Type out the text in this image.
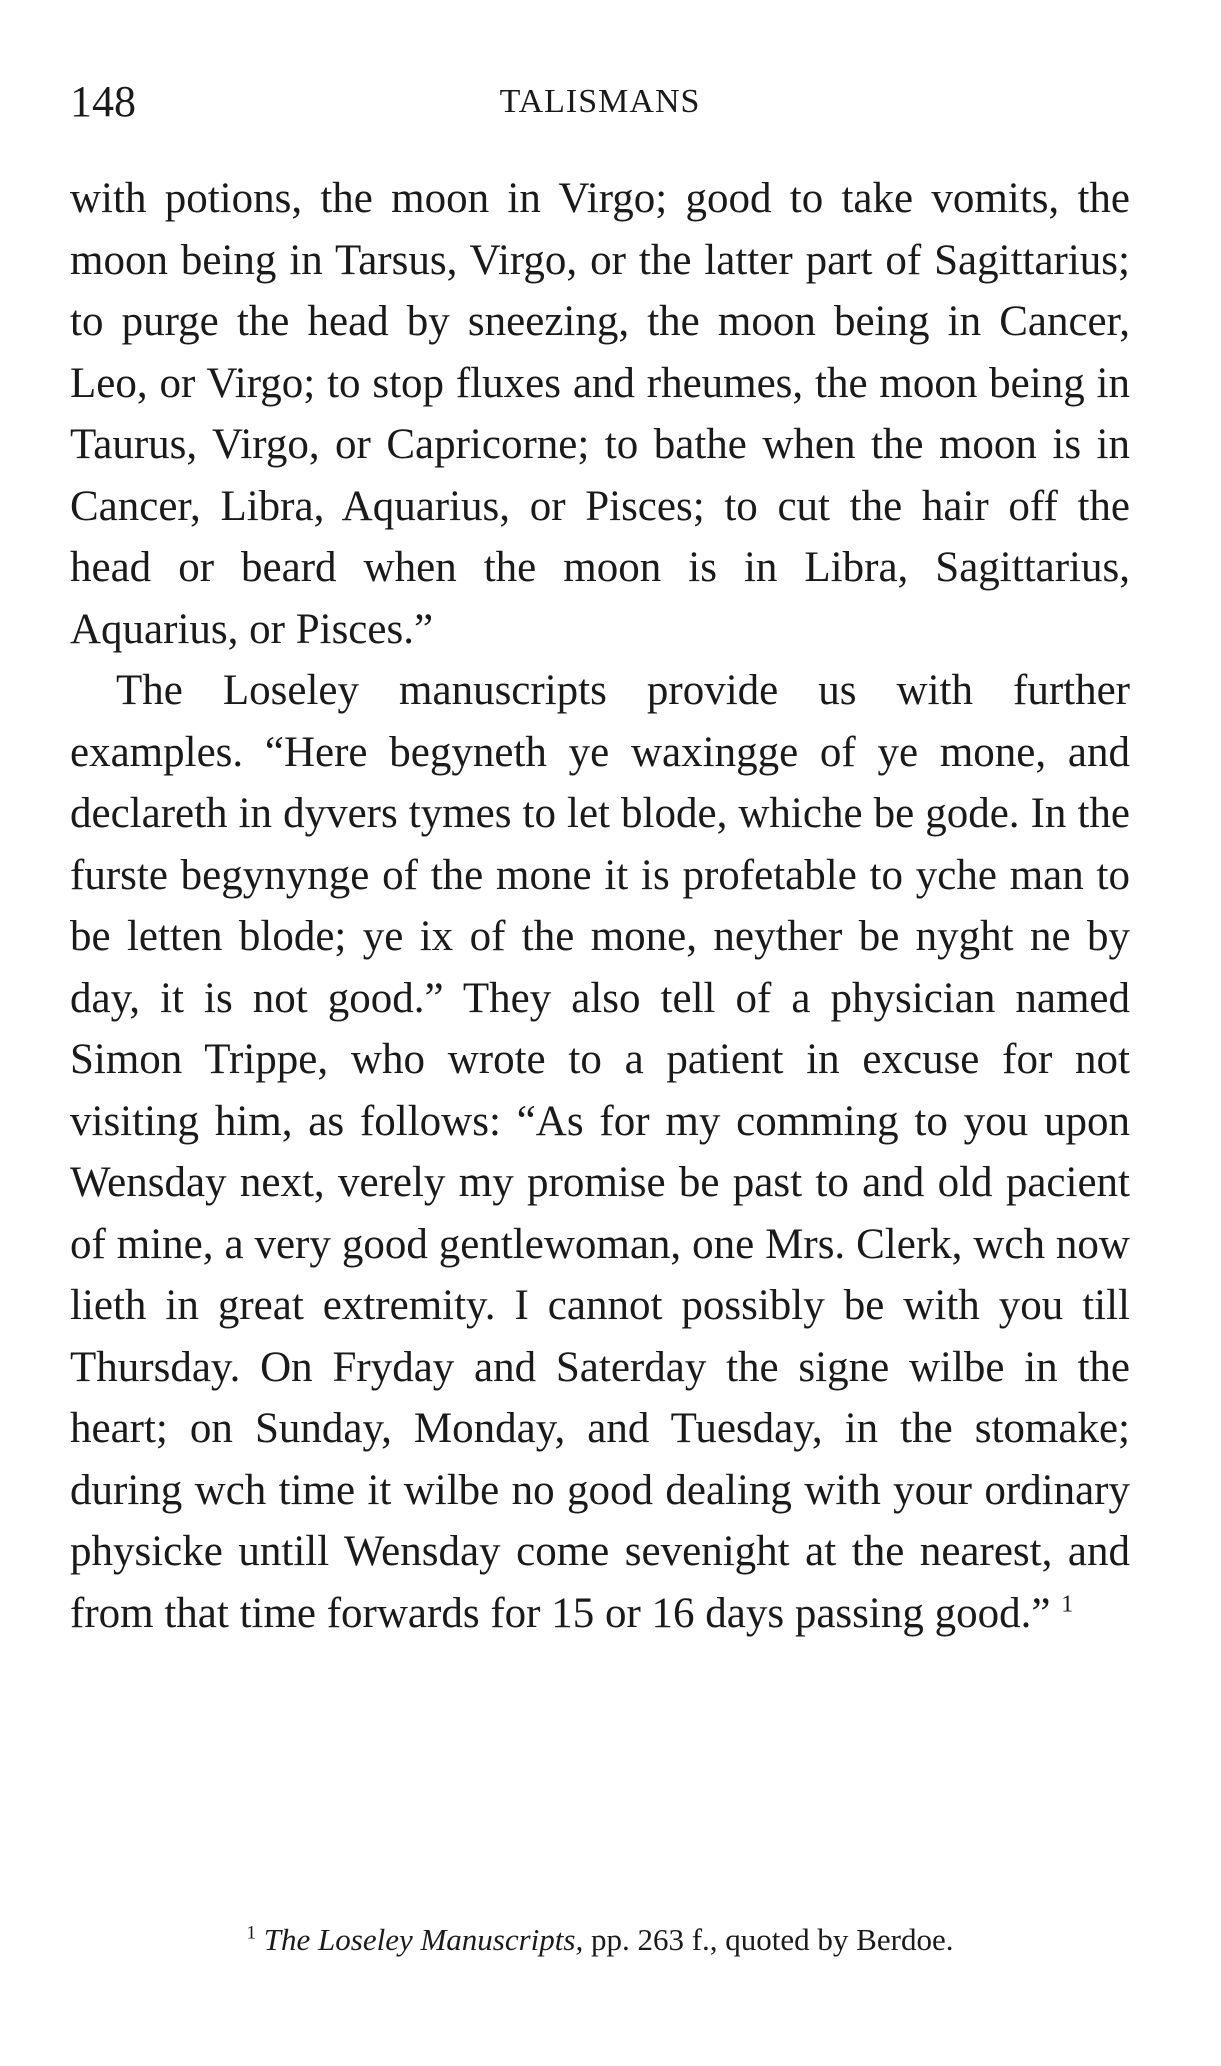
148	TALISMANS

with potions, the moon in Virgo; good to take vomits, the moon being in Tarsus, Virgo, or the latter part of Sagittarius; to purge the head by sneezing, the moon being in Cancer, Leo, or Virgo; to stop fluxes and rheumes, the moon being in Taurus, Virgo, or Capricorne; to bathe when the moon is in Cancer, Libra, Aquarius, or Pisces; to cut the hair off the head or beard when the moon is in Libra, Sagittarius, Aquarius, or Pisces.”

The Loseley manuscripts provide us with further examples. “Here begyneth ye waxingge of ye mone, and declareth in dyvers tymes to let blode, whiche be gode. In the furste begynynge of the mone it is profetable to yche man to be letten blode; ye ix of the mone, neyther be nyght ne by day, it is not good.” They also tell of a physician named Simon Trippe, who wrote to a patient in excuse for not visiting him, as follows: “As for my comming to you upon Wensday next, verely my promise be past to and old pacient of mine, a very good gentlewoman, one Mrs. Clerk, wch now lieth in great extremity. I cannot possibly be with you till Thursday. On Fryday and Saterday the signe wilbe in the heart; on Sunday, Monday, and Tuesday, in the stomake; during wch time it wilbe no good dealing with your ordinary physicke untill Wensday come sevenight at the nearest, and from that time forwards for 15 or 16 days passing good.” $^1$

$^1$ The Loseley Manuscripts, pp. 263 f., quoted by Berdoe.
